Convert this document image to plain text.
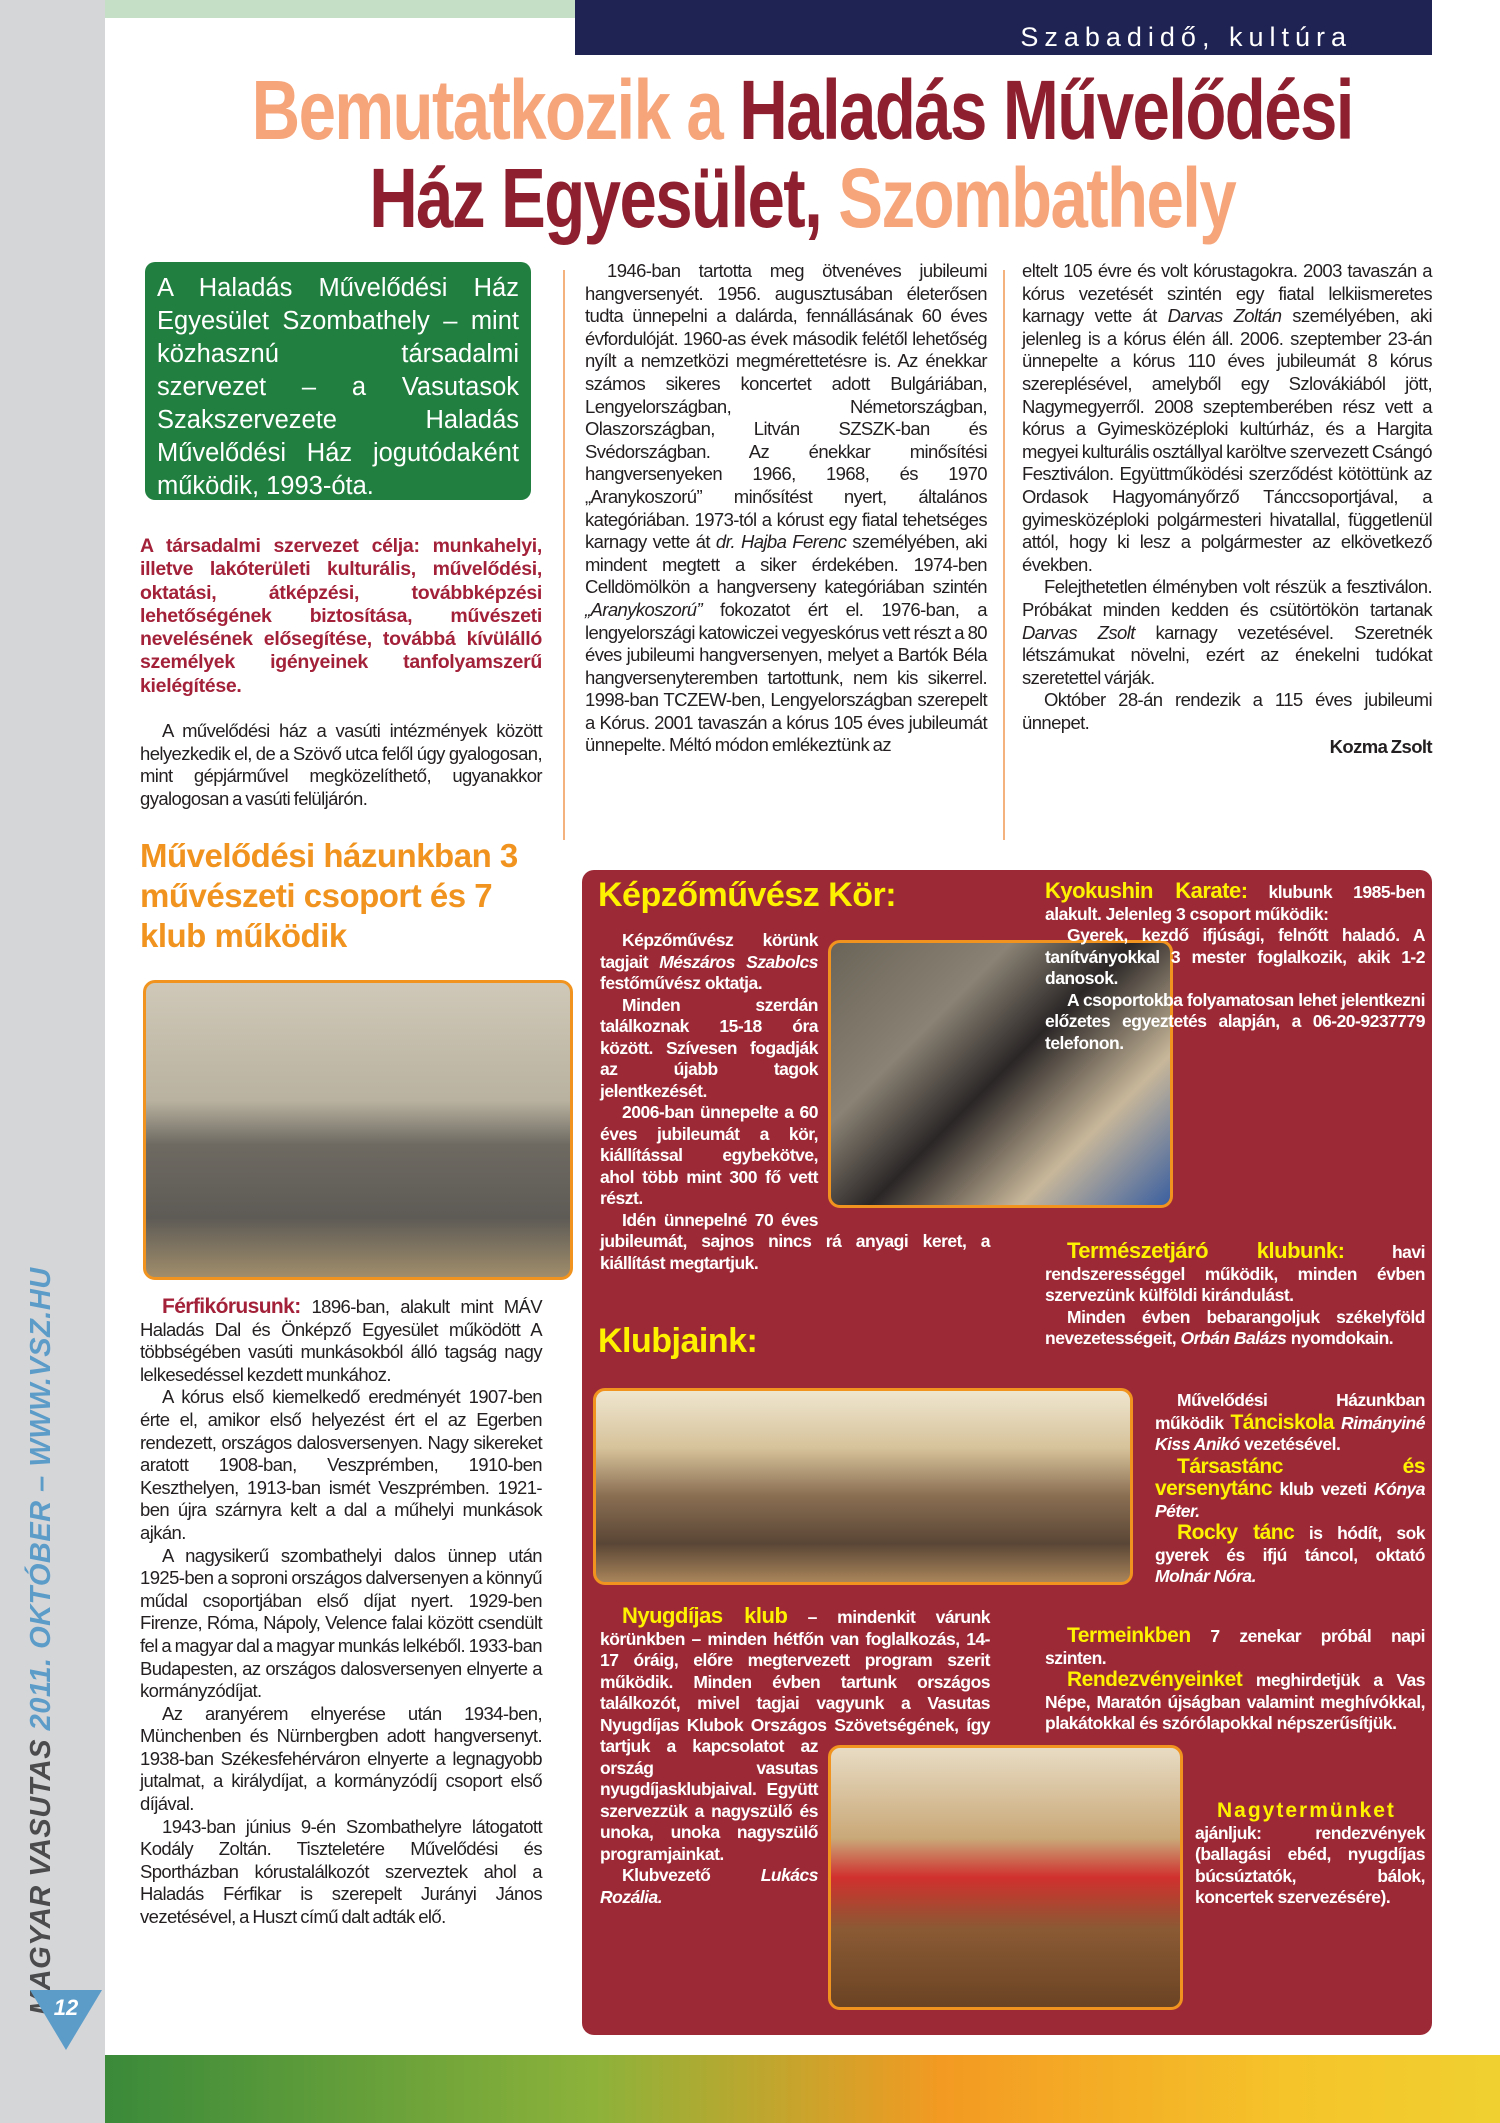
MAGYAR VASUTAS 2011. OKTÓBER – WWW.VSZ.HU
12
Szabadidő, kultúra
Bemutatkozik a Haladás Művelődési
Ház Egyesület, Szombathely
A Haladás Művelődési Ház Egyesület Szombathely – mint közhasznú társadalmi szervezet – a Vasutasok Szakszervezete Haladás Művelődési Ház jogutódaként működik, 1993-óta.
A társadalmi szervezet célja: munkahelyi, illetve lakóterületi kulturális, művelődési, oktatási, átképzési, továbbképzési lehetőségének biztosítása, művészeti nevelésének elősegítése, továbbá kívülálló személyek igényeinek tanfolyamszerű kielégítése.

A művelődési ház a vasúti intézmények között helyezkedik el, de a Szövő utca felől úgy gyalogosan, mint gépjárművel megközelíthető, ugyanakkor gyalogosan a vasúti felüljárón.

Művelődési házunkban 3 művészeti csoport és 7 klub működik

Férfikórusunk: 1896-ban, alakult mint MÁV Haladás Dal és Önképző Egyesület működött A többségében vasúti munkásokból álló tagság nagy lelkesedéssel kezdett munkához.

A kórus első kiemelkedő eredményét 1907-ben érte el, amikor első helyezést ért el az Egerben rendezett, országos dalosversenyen. Nagy sikereket aratott 1908-ban, Veszprémben, 1910-ben Keszthelyen, 1913-ban ismét Veszprémben. 1921-ben újra szárnyra kelt a dal a műhelyi munkások ajkán.

A nagysikerű szombathelyi dalos ünnep után 1925-ben a soproni országos dalversenyen a könnyű műdal csoportjában első díjat nyert. 1929-ben Firenze, Róma, Nápoly, Velence falai között csendült fel a magyar dal a magyar munkás lelkéből. 1933-ban Budapesten, az országos dalosversenyen elnyerte a kormányzódíjat.

Az aranyérem elnyerése után 1934-ben, Münchenben és Nürnbergben adott hangversenyt. 1938-ban Székesfehérváron elnyerte a legnagyobb jutalmat, a királydíjat, a kormányzódíj csoport első díjával.

1943-ban június 9-én Szombathelyre látogatott Kodály Zoltán. Tiszteletére Művelődési és Sportházban kórustalálkozót szerveztek ahol a Haladás Férfikar is szerepelt Jurányi János vezetésével, a Huszt című dalt adták elő.

1946-ban tartotta meg ötvenéves jubileumi hangversenyét. 1956. augusztusában életerősen tudta ünnepelni a dalárda, fennállásának 60 éves évfordulóját. 1960-as évek második felétől lehetőség nyílt a nemzetközi megmérettetésre is. Az énekkar számos sikeres koncertet adott Bulgáriában, Lengyelországban, Németországban, Olaszországban, Litván SZSZK-ban és Svédországban. Az énekkar minősítési hangversenyeken 1966, 1968, és 1970 „Aranykoszorú” minősítést nyert, általános kategóriában. 1973-tól a kórust egy fiatal tehetséges karnagy vette át dr. Hajba Ferenc személyében, aki mindent megtett a siker érdekében. 1974-ben Celldömölkön a hangverseny kategóriában szintén „Aranykoszorú” fokozatot ért el. 1976-ban, a lengyelországi katowiczei vegyeskórus vett részt a 80 éves jubileumi hangversenyen, melyet a Bartók Béla hangversenyteremben tartottunk, nem kis sikerrel. 1998-ban TCZEW-ben, Lengyelországban szerepelt a Kórus. 2001 tavaszán a kórus 105 éves jubileumát ünnepelte. Méltó módon emlékeztünk az

eltelt 105 évre és volt kórustagokra. 2003 tavaszán a kórus vezetését szintén egy fiatal lelkiismeretes karnagy vette át Darvas Zoltán személyében, aki jelenleg is a kórus élén áll. 2006. szeptember 23-án ünnepelte a kórus 110 éves jubileumát 8 kórus szereplésével, amelyből egy Szlovákiából jött, Nagymegyerről. 2008 szeptemberében rész vett a kórus a Gyimesközéploki kultúrház, és a Hargita megyei kulturális osztállyal karöltve szervezett Csángó Fesztiválon. Együttműködési szerződést kötöttünk az Ordasok Hagyományőrző Tánccsoportjával, a gyimesközéploki polgármesteri hivatallal, függetlenül attól, hogy ki lesz a polgármester az elkövetkező években.

Felejthetetlen élményben volt részük a fesztiválon. Próbákat minden kedden és csütörtökön tartanak Darvas Zsolt karnagy vezetésével. Szeretnék létszámukat növelni, ezért az énekelni tudókat szeretettel várják.

Október 28-án rendezik a 115 éves jubileumi ünnepet.

Kozma Zsolt
Képzőművész Kör:

Képzőművész körünk tagjait Mészáros Szabolcs festőművész oktatja.

Minden szerdán találkoznak 15-18 óra között. Szívesen fogadják az újabb tagok jelentkezését.

2006-ban ünnepelte a 60 éves jubileumát a kör, kiállítással egybekötve, ahol több mint 300 fő vett részt.

Idén ünnepelné 70 éves jubileumát, sajnos nincs rá anyagi keret, a kiállítást megtartjuk.

Kyokushin Karate: klubunk 1985-ben alakult. Jelenleg 3 csoport működik:

Gyerek, kezdő ifjúsági, felnőtt haladó. A tanítványokkal 3 mester foglalkozik, akik 1-2 danosok.

A csoportokba folyamatosan lehet jelentkezni előzetes egyeztetés alapján, a 06-20-9237779 telefonon.

Természetjáró klubunk: havi rendszerességgel működik, minden évben szervezünk külföldi kirándulást.

Minden évben bebarangoljuk székelyföld nevezetességeit, Orbán Balázs nyomdokain.

Klubjaink:

Művelődési Házunkban működik Tánciskola Rimányiné Kiss Anikó vezetésével.

Társastánc és versenytánc klub vezeti Kónya Péter.

Rocky tánc is hódít, sok gyerek és ifjú táncol, oktató Molnár Nóra.

Termeinkben 7 zenekar próbál napi szinten.

Rendezvényeinket meghirdetjük a Vas Népe, Maratón újságban valamint meghívókkal, plakátokkal és szórólapokkal népszerűsítjük.

Nagytermünket ajánljuk: rendezvények (ballagási ebéd, nyugdíjas búcsúztatók, bálok, koncertek szervezésére).

Nyugdíjas klub – mindenkit várunk körünkben – minden hétfőn van foglalkozás, 14-17 óráig, előre megtervezett program szerit működik. Minden évben tartunk országos találkozót, mivel tagjai vagyunk a Vasutas Nyugdíjas Klubok Országos Szövetségének, így tartjuk a kapcsolatot az ország vasutas nyugdíjasklubjaival. Együtt szervezzük a nagyszülő és unoka, unoka nagyszülő programjainkat.

Klubvezető Lukács Rozália.
